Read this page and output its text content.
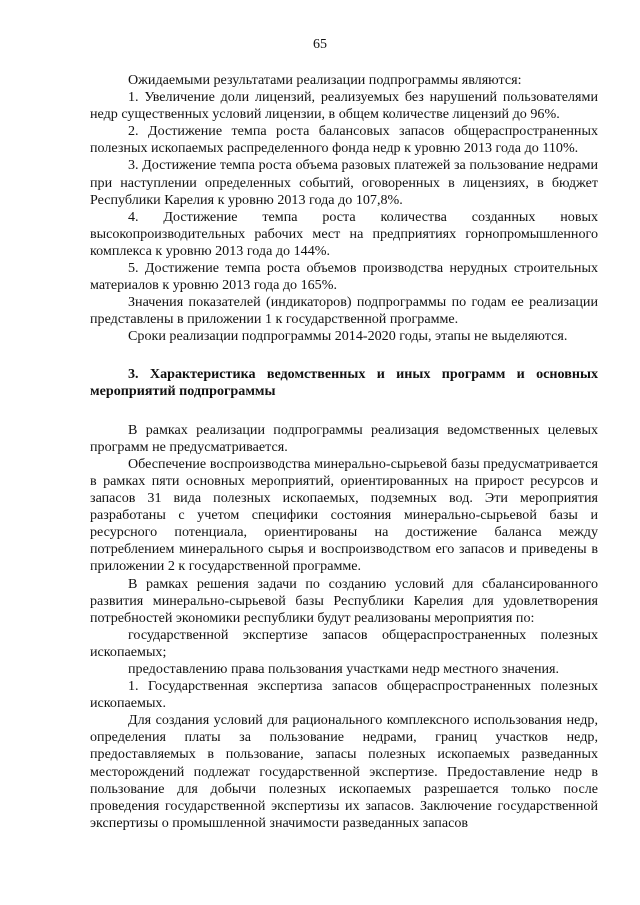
65

Ожидаемыми результатами реализации подпрограммы являются:

1. Увеличение доли лицензий, реализуемых без нарушений пользователями недр существенных условий лицензии, в общем количестве лицензий до 96%.

2. Достижение темпа роста балансовых запасов общераспространенных полезных ископаемых распределенного фонда недр к уровню 2013 года до 110%.

3. Достижение темпа роста объема разовых платежей за пользование недрами при наступлении определенных событий, оговоренных в лицензиях, в бюджет Республики Карелия к уровню 2013 года до 107,8%.

4. Достижение темпа роста количества созданных новых высокопроизводительных рабочих мест на предприятиях горнопромышленного комплекса к уровню 2013 года до 144%.

5. Достижение темпа роста объемов производства нерудных строительных материалов к уровню 2013 года до 165%.

Значения показателей (индикаторов) подпрограммы по годам ее реализации представлены в приложении 1 к государственной программе.

Сроки реализации подпрограммы 2014-2020 годы, этапы не выделяются.

3. Характеристика ведомственных и иных программ и основных мероприятий подпрограммы

В рамках реализации подпрограммы реализация ведомственных целевых программ не предусматривается.

Обеспечение воспроизводства минерально-сырьевой базы предусматривается в рамках пяти основных мероприятий, ориентированных на прирост ресурсов и запасов 31 вида полезных ископаемых, подземных вод. Эти мероприятия разработаны с учетом специфики состояния минерально-сырьевой базы и ресурсного потенциала, ориентированы на достижение баланса между потреблением минерального сырья и воспроизводством его запасов и приведены в приложении 2 к государственной программе.

В рамках решения задачи по созданию условий для сбалансированного развития минерально-сырьевой базы Республики Карелия для удовлетворения потребностей экономики республики будут реализованы мероприятия по:

государственной экспертизе запасов общераспространенных полезных ископаемых;

предоставлению права пользования участками недр местного значения.

1. Государственная экспертиза запасов общераспространенных полезных ископаемых.

Для создания условий для рационального комплексного использования недр, определения платы за пользование недрами, границ участков недр, предоставляемых в пользование, запасы полезных ископаемых разведанных месторождений подлежат государственной экспертизе. Предоставление недр в пользование для добычи полезных ископаемых разрешается только после проведения государственной экспертизы их запасов. Заключение государственной экспертизы о промышленной значимости разведанных запасов
